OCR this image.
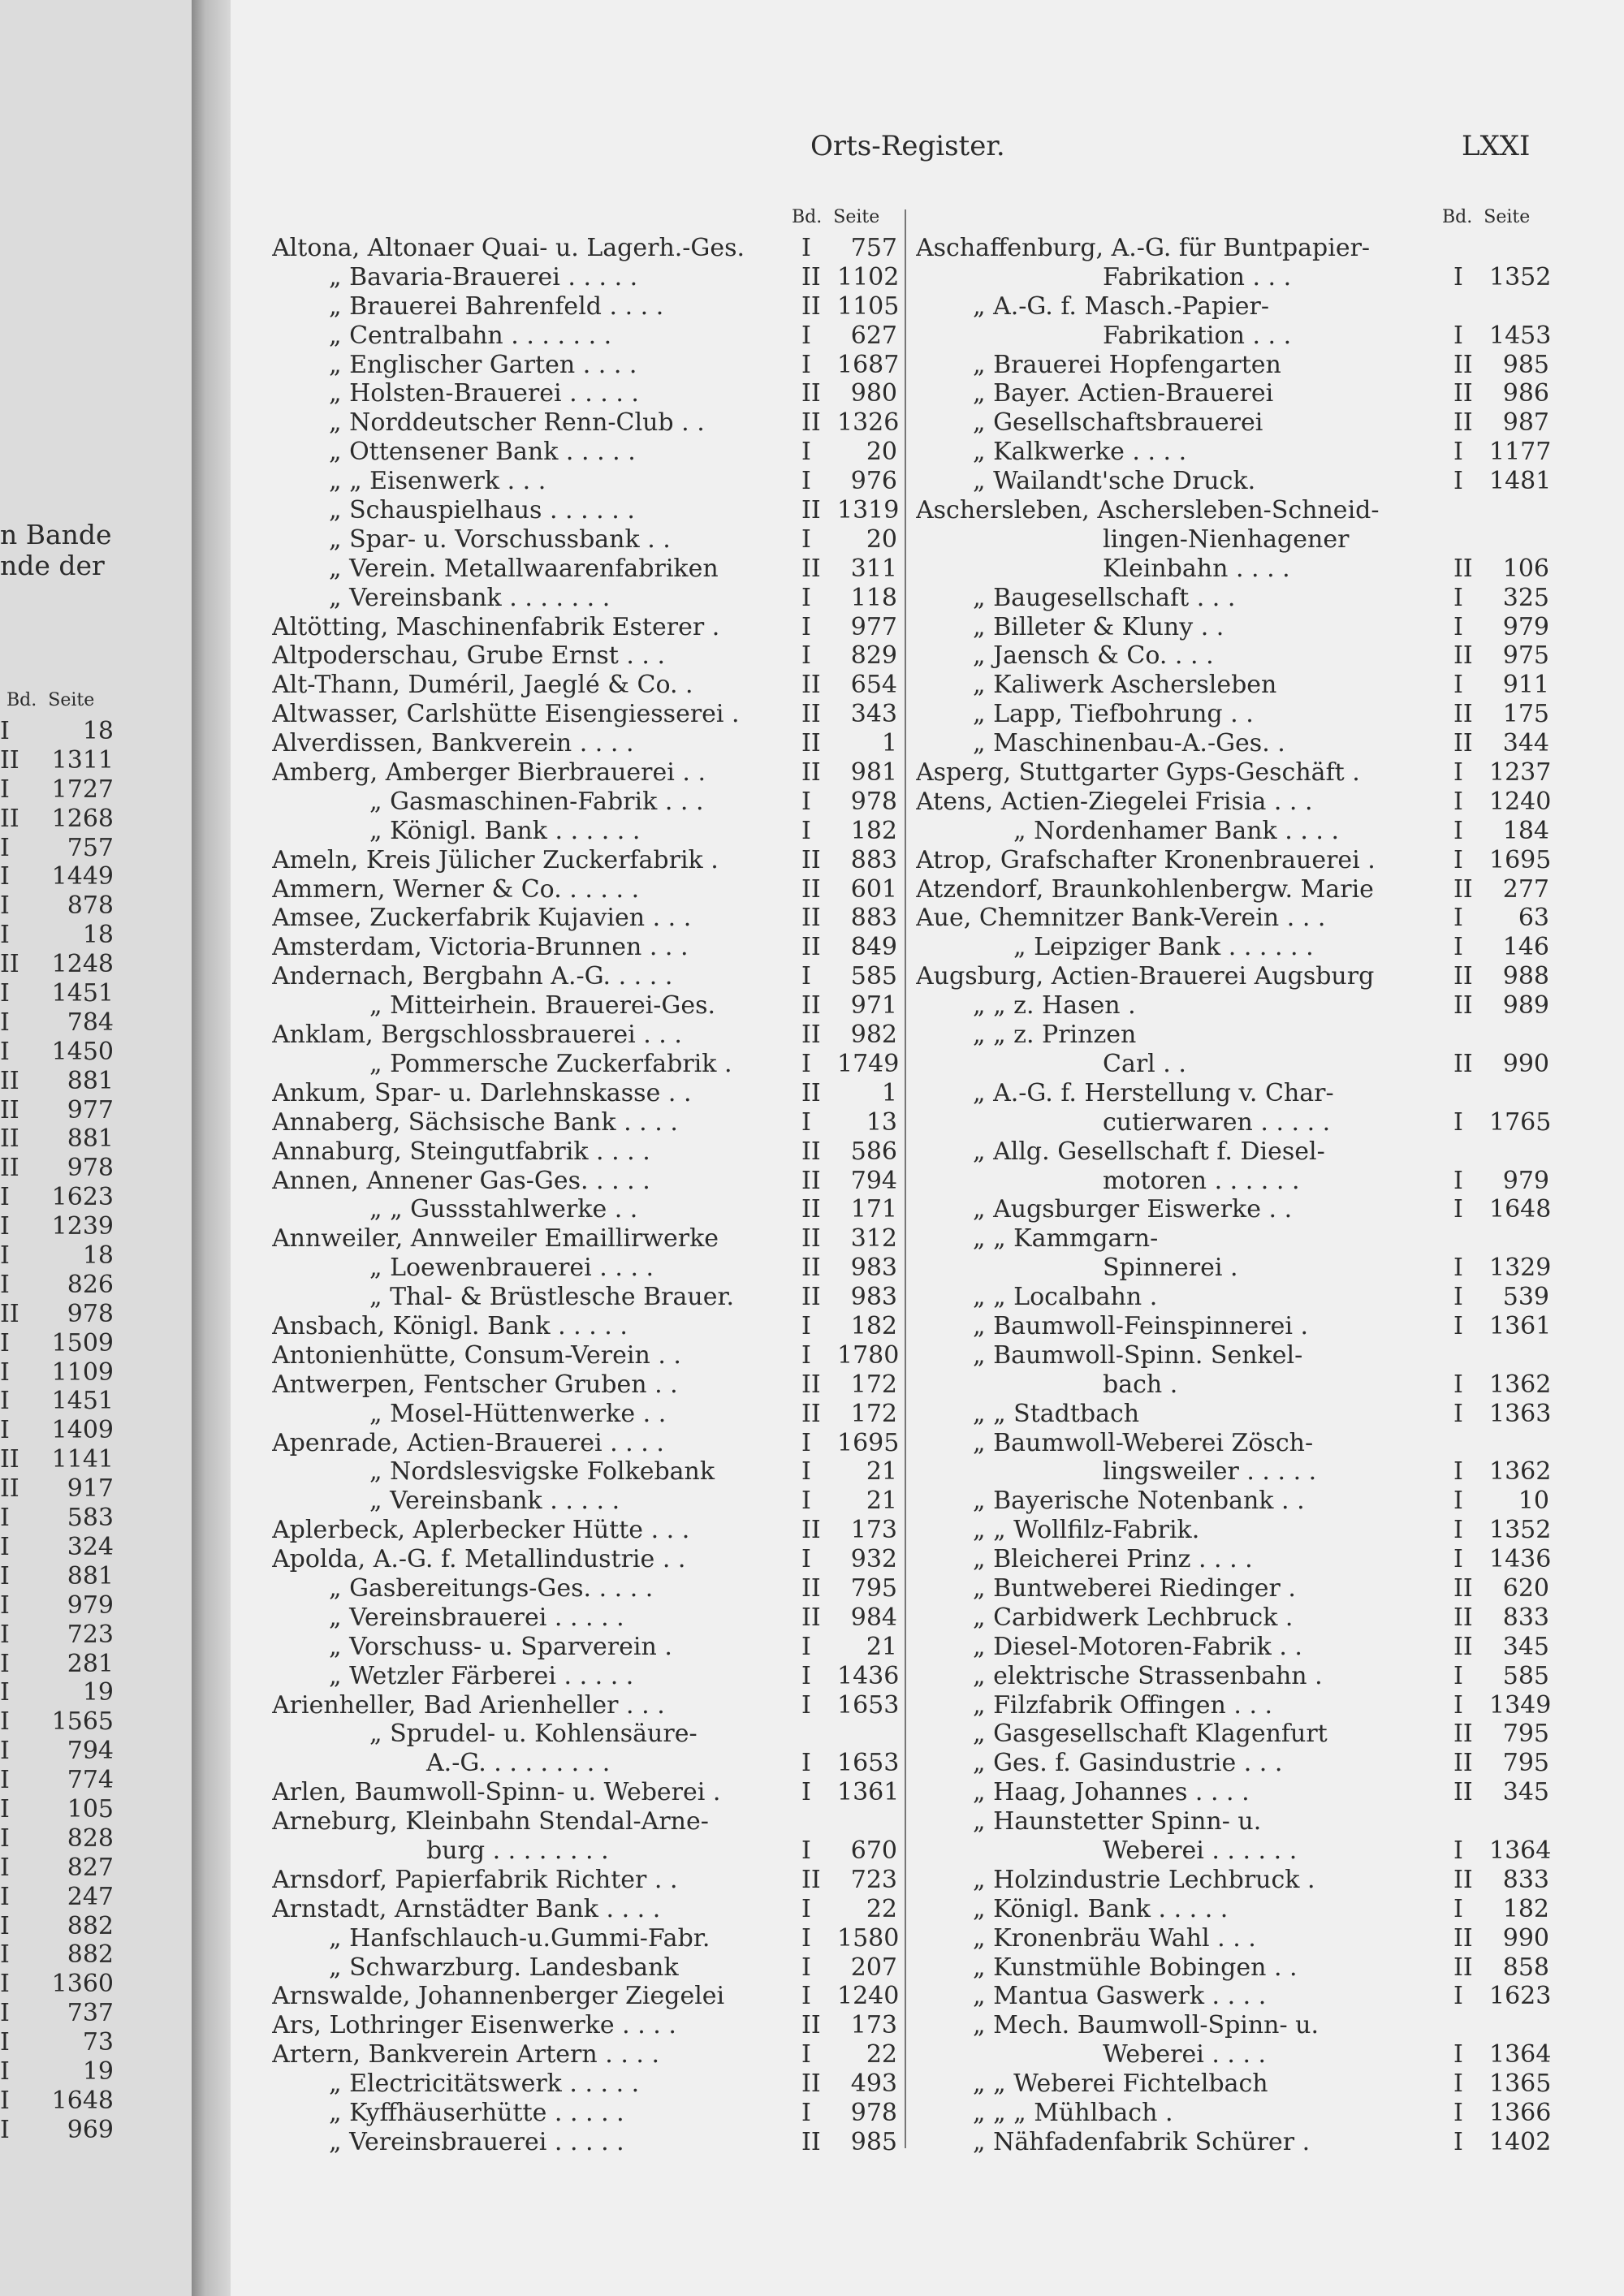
n Bande
nde der
Bd. Seite
I	18
II	1311
I	1727
II	1268
I	757
I	1449
I	878
I	18
II	1248
I	1451
I	784
I	1450
II	881
II	977
II	881
II	978
I	1623
I	1239
I	18
I	826
II	978
I	1509
I	1109
I	1451
I	1409
II	1141
II	917
I	583
I	324
I	881
I	979
I	723
I	281
I	19
I	1565
I	794
I	774
I	105
I	828
I	827
I	247
I	882
I	882
I	1360
I	737
I	73
I	19
I	1648
I	969
Orts-Register.	LXXI
Bd. Seite	Bd. Seite
Altona, Altonaer Quai- u. Lagerh.-Ges.	I	757
„ Bavaria-Brauerei . . . . .	II 1102
„ Brauerei Bahrenfeld . . . .	II 1105
„ Centralbahn . . . . . . .	I	627
„ Englischer Garten . . . .	I	1687
„ Holsten-Brauerei . . . . .	II	980
„ Norddeutscher Renn-Club . .	II 1326
„ Ottensener Bank . . . . .	I	20
„ „ Eisenwerk . . .	I	976
„ Schauspielhaus . . . . . .	II 1319
„ Spar- u. Vorschussbank . .	I	20
„ Verein. Metallwaarenfabriken	II	311
„ Vereinsbank . . . . . . .	I	118
Altötting, Maschinenfabrik Esterer .	I	977
Altpoderschau, Grube Ernst . . .	I	829
Alt-Thann, Duméril, Jaeglé & Co. .	II	654
Altwasser, Carlshütte Eisengiesserei .	II	343
Alverdissen, Bankverein . . . .	II	1
Amberg, Amberger Bierbrauerei . .	II	981
„ Gasmaschinen-Fabrik . . .	I	978
„ Königl. Bank . . . . . .	I	182
Ameln, Kreis Jülicher Zuckerfabrik .	II	883
Ammern, Werner & Co. . . . . .	II	601
Amsee, Zuckerfabrik Kujavien . . .	II	883
Amsterdam, Victoria-Brunnen . . .	II	849
Andernach, Bergbahn A.-G. . . . .	I	585
„ Mitteirhein. Brauerei-Ges.	II	971
Anklam, Bergschlossbrauerei . . .	II	982
„ Pommersche Zuckerfabrik .	I	1749
Ankum, Spar- u. Darlehnskasse . .	II	1
Annaberg, Sächsische Bank . . . .	I	13
Annaburg, Steingutfabrik . . . .	II	586
Annen, Annener Gas-Ges. . . . .	II	794
„ „ Gussstahlwerke . .	II	171
Annweiler, Annweiler Emaillirwerke	II	312
„ Loewenbrauerei . . . .	II	983
„ Thal- & Brüstlesche Brauer.	II	983
Ansbach, Königl. Bank . . . . .	I	182
Antonienhütte, Consum-Verein . .	I	1780
Antwerpen, Fentscher Gruben . .	II	172
„ Mosel-Hüttenwerke . .	II	172
Apenrade, Actien-Brauerei . . . .	I	1695
„ Nordslesvigske Folkebank	I	21
„ Vereinsbank . . . . .	I	21
Aplerbeck, Aplerbecker Hütte . . .	II	173
Apolda, A.-G. f. Metallindustrie . .	I	932
„ Gasbereitungs-Ges. . . . .	II	795
„ Vereinsbrauerei . . . . .	II	984
„ Vorschuss- u. Sparverein .	I	21
„ Wetzler Färberei . . . . .	I	1436
Arienheller, Bad Arienheller . . .	I	1653
„ Sprudel- u. Kohlensäure-
A.-G. . . . . . . . .	I	1653
Arlen, Baumwoll-Spinn- u. Weberei .	I	1361
Arneburg, Kleinbahn Stendal-Arne-
burg . . . . . . . .	I	670
Arnsdorf, Papierfabrik Richter . .	II	723
Arnstadt, Arnstädter Bank . . . .	I	22
„ Hanfschlauch-u.Gummi-Fabr.	I	1580
„ Schwarzburg. Landesbank	I	207
Arnswalde, Johannenberger Ziegelei	I	1240
Ars, Lothringer Eisenwerke . . . .	II	173
Artern, Bankverein Artern . . . .	I	22
„ Electricitätswerk . . . . .	II	493
„ Kyffhäuserhütte . . . . .	I	978
„ Vereinsbrauerei . . . . .	II	985
Aschaffenburg, A.-G. für Buntpapier-
Fabrikation . . .	I	1352
„ A.-G. f. Masch.-Papier-
Fabrikation . . .	I	1453
„ Brauerei Hopfengarten	II	985
„ Bayer. Actien-Brauerei	II	986
„ Gesellschaftsbrauerei	II	987
„ Kalkwerke . . . .	I	1177
„ Wailandt'sche Druck.	I	1481
Aschersleben, Aschersleben-Schneid-
lingen-Nienhagener
Kleinbahn . . . .	II	106
„ Baugesellschaft . . .	I	325
„ Billeter & Kluny . .	I	979
„ Jaensch & Co. . . .	II	975
„ Kaliwerk Aschersleben	I	911
„ Lapp, Tiefbohrung . .	II	175
„ Maschinenbau-A.-Ges. .	II	344
Asperg, Stuttgarter Gyps-Geschäft .	I	1237
Atens, Actien-Ziegelei Frisia . . .	I	1240
„ Nordenhamer Bank . . . .	I	184
Atrop, Grafschafter Kronenbrauerei .	I	1695
Atzendorf, Braunkohlenbergw. Marie	II	277
Aue, Chemnitzer Bank-Verein . . .	I	63
„ Leipziger Bank . . . . . .	I	146
Augsburg, Actien-Brauerei Augsburg	II	988
„ „ z. Hasen .	II	989
„ „ z. Prinzen
Carl . .	II	990
„ A.-G. f. Herstellung v. Char-
cutierwaren . . . . .	I	1765
„ Allg. Gesellschaft f. Diesel-
motoren . . . . . .	I	979
„ Augsburger Eiswerke . .	I	1648
„ „ Kammgarn-
Spinnerei .	I	1329
„ „ Localbahn .	I	539
„ Baumwoll-Feinspinnerei .	I	1361
„ Baumwoll-Spinn. Senkel-
bach .	I	1362
„ „ Stadtbach	I	1363
„ Baumwoll-Weberei Zösch-
lingsweiler . . . . .	I	1362
„ Bayerische Notenbank . .	I	10
„ „ Wollfilz-Fabrik.	I	1352
„ Bleicherei Prinz . . . .	I	1436
„ Buntweberei Riedinger .	II	620
„ Carbidwerk Lechbruck .	II	833
„ Diesel-Motoren-Fabrik . .	II	345
„ elektrische Strassenbahn .	I	585
„ Filzfabrik Offingen . . .	I	1349
„ Gasgesellschaft Klagenfurt	II	795
„ Ges. f. Gasindustrie . . .	II	795
„ Haag, Johannes . . . .	II	345
„ Haunstetter Spinn- u.
Weberei . . . . . .	I	1364
„ Holzindustrie Lechbruck .	II	833
„ Königl. Bank . . . . .	I	182
„ Kronenbräu Wahl . . .	II	990
„ Kunstmühle Bobingen . .	II	858
„ Mantua Gaswerk . . . .	I	1623
„ Mech. Baumwoll-Spinn- u.
Weberei . . . .	I	1364
„ „ Weberei Fichtelbach	I	1365
„ „ „ Mühlbach .	I	1366
„ Nähfadenfabrik Schürer .	I	1402
